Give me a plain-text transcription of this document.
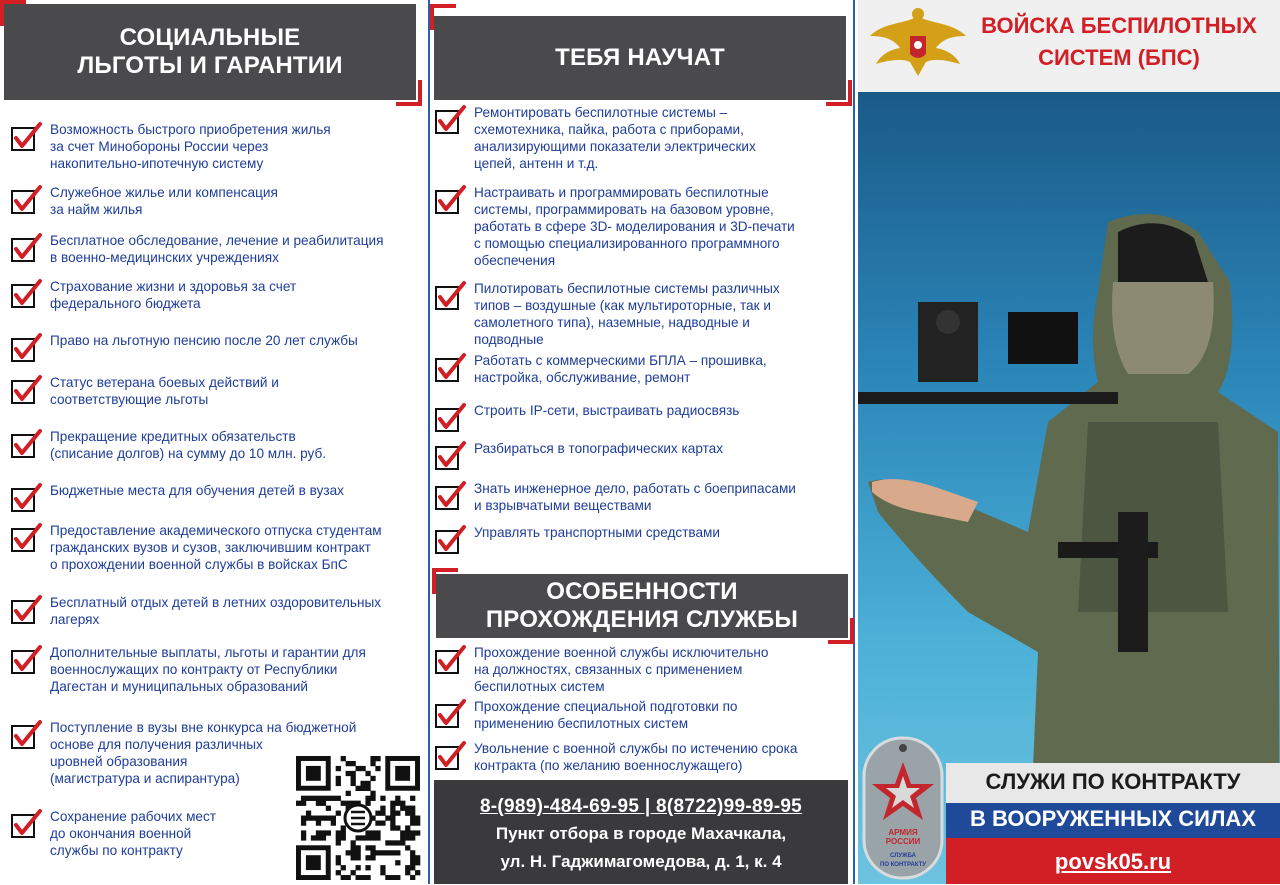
СОЦИАЛЬНЫЕ
ЛЬГОТЫ И ГАРАНТИИ
Возможность быстрого приобретения жилья
за счет Минобороны России через
накопительно-ипотечную систему
Служебное жилье или компенсация
за найм жилья
Бесплатное обследование, лечение и реабилитация
в военно-медицинских учреждениях
Страхование жизни и здоровья за счет
федерального бюджета
Право на льготную пенсию после 20 лет службы
Статус ветерана боевых действий и
соответствующие льготы
Прекращение кредитных обязательств
(списание долгов) на сумму до 10 млн. руб.
Бюджетные места для обучения детей в вузах
Предоставление академического отпуска студентам
гражданских вузов и сузов, заключившим контракт
о прохождении военной службы в войсках БпС
Бесплатный отдых детей в летних оздоровительных
лагерях
Дополнительные выплаты, льготы и гарантии для
военнослужащих по контракту от Республики
Дагестан и муниципальных образований
Поступление в вузы вне конкурса на бюджетной
основе для получения различных
uровней образования
(магистратура и аспирантура)
Сохранение рабочих мест
до окончания военной
службы по контракту
ТЕБЯ НАУЧАТ
Ремонтировать беспилотные системы –
схемотехника, пайка, работа с приборами,
анализирующими показатели электрических
цепей, антенн и т.д.
Настраивать и программировать беспилотные
системы, программировать на базовом уровне,
работать в сфере 3D- моделирования и 3D-печати
с помощью специализированного программного
обеспечения
Пилотировать беспилотные системы различных
типов – воздушные (как мультироторные, так и
самолетного типа), наземные, надводные и
подводные
Работать с коммерческими БПЛА – прошивка,
настройка, обслуживание, ремонт
Строить IP-сети, выстраивать радиосвязь
Разбираться в топографических картах
Знать инженерное дело, работать с боеприпасами
и взрывчатыми веществами
Управлять транспортными средствами
ОСОБЕННОСТИ
ПРОХОЖДЕНИЯ СЛУЖБЫ
Прохождение военной службы исключительно
на должностях, связанных с применением
беспилотных систем
Прохождение специальной подготовки по
применению беспилотных систем
Увольнение с военной службы по истечению срока
контракта (по желанию военнослужащего)
8-(989)-484-69-95 | 8(8722)99-89-95
Пункт отбора в городе Махачкала,
ул. Н. Гаджимагомедова, д. 1, к. 4
ВОЙСКА БЕСПИЛОТНЫХ
СИСТЕМ (БПС)
АРМИЯ
РОССИИ
СЛУЖБА
ПО КОНТРАКТУ
СЛУЖИ ПО КОНТРАКТУ
В ВООРУЖЕННЫХ СИЛАХ
povsk05.ru
